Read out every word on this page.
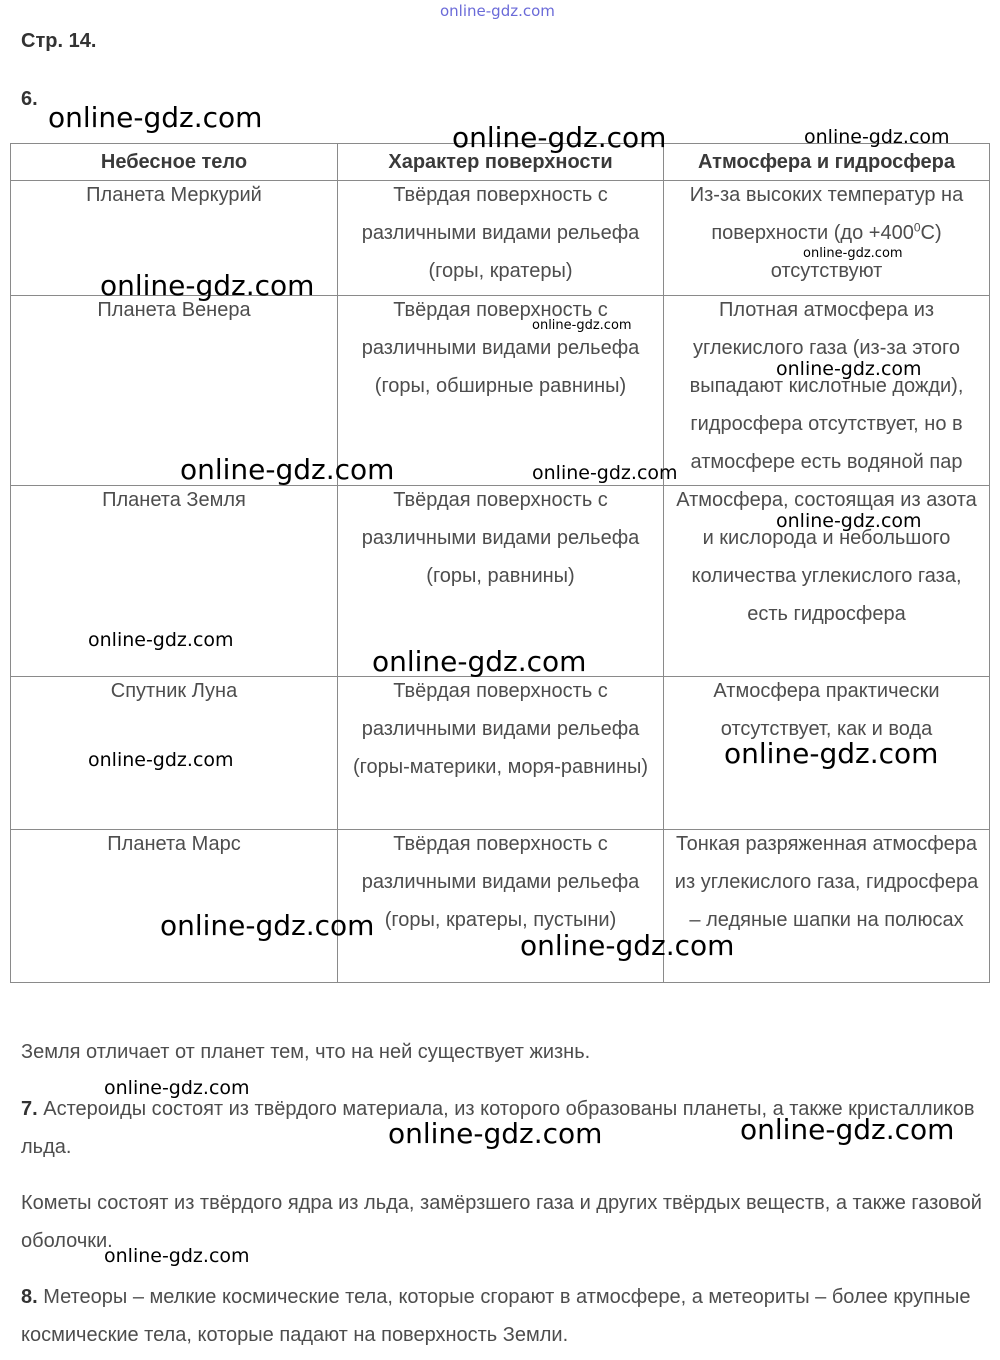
online-gdz.com
Стр. 14.
6.
Небесное тело	Характер поверхности	Атмосфера и гидросфера

Планета Меркурий	Твёрдая поверхность с различными видами рельефа (горы, кратеры)	Из-за высоких температур на поверхности $(до +400^0С)$ отсутствуют

Планета Венера	Твёрдая поверхность с различными видами рельефа (горы, обширные равнины)	Плотная атмосфера из углекислого газа (из-за этого выпадают кислотные дожди), гидросфера отсутствует, но в атмосфере есть водяной пар

Планета Земля	Твёрдая поверхность с различными видами рельефа (горы, равнины)	Атмосфера, состоящая из азота и кислорода и небольшого количества углекислого газа, есть гидросфера

Спутник Луна	Твёрдая поверхность с различными видами рельефа (горы-материки, моря-равнины)	Атмосфера практически отсутствует, как и вода

Планета Марс	Твёрдая поверхность с различными видами рельефа (горы, кратеры, пустыни)	Тонкая разряженная атмосфера из углекислого газа, гидросфера – ледяные шапки на полюсах
Земля отличает от планет тем, что на ней существует жизнь.
7. Астероиды состоят из твёрдого материала, из которого образованы планеты, а также кристалликов льда.
Кометы состоят из твёрдого ядра из льда, замёрзшего газа и других твёрдых веществ, а также газовой оболочки.
8. Метеоры – мелкие космические тела, которые сгорают в атмосфере, а метеориты – более крупные космические тела, которые падают на поверхность Земли.
online-gdz.com
online-gdz.com	online-gdz.com
online-gdz.com
online-gdz.com
online-gdz.com
online-gdz.com
online-gdz.com	online-gdz.com
online-gdz.com
online-gdz.com
online-gdz.com
online-gdz.com
online-gdz.com
online-gdz.com
online-gdz.com
online-gdz.com
online-gdz.com	online-gdz.com
online-gdz.com
